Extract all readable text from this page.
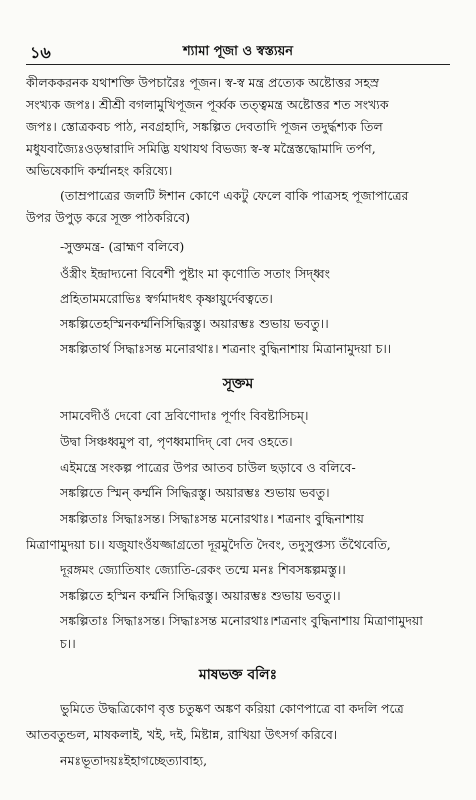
১৬	শ্যামা পূজা ও স্বস্ত্যয়ন
কীলককরনক যথাশক্তি উপচারৈঃ পূজন। স্ব-স্ব মন্ত্র প্রত্যেক অষ্টোত্তর সহস্র
সংখ্যক জপঃ। শ্রীশ্রী বগলামুখিপূজন পূর্ব্বক তত্ত্বমন্ত্র অষ্টোত্তর শত সংখ্যক
জপঃ। স্তোত্রকবচ পাঠ, নবগ্রহাদি, সঙ্কল্পিত দেবতাদি পূজন তদুর্দ্ধশ্যক তিল
মধুযবাজ্যৈঃওড়ম্বারাদি সমিদ্ভি যথাযথ বিভজ্য স্ব-স্ব মন্ত্রৈস্তদ্ধোমাদি তর্পণ,
অভিষেকাদি কর্ম্মানহং করিষ্যে।
(তাম্রপাত্রের জলটি ঈশান কোণে একটু ফেলে বাকি পাত্রসহ পূজাপাত্রের
উপর উপুড় করে সূক্ত পাঠকরিবে)
-সুক্তমন্ত্র- (ব্রাহ্মণ বলিবে)
ওঁস্ত্রীং ইন্দ্রাদ্যনো বিবেশী পুষ্টাং মা কৃণোতি সতাং সিদ্ধ্বং
প্রহিতামমরোভিঃ স্বর্গমাদধৎ কৃষ্ণায়ুর্দেবত্বতে।
সঙ্কল্পিতেহস্মিনকর্ম্মনিসিদ্ধিরস্তু। অয়ারম্ভঃ শুভায় ভবতু।।
সঙ্কল্পিতার্থ সিদ্ধাঃসন্ত মনোরথাঃ। শত্রনাং বুদ্ধিনাশায় মিত্রানামুদয়া চ।।
সূক্তম
সামবেদীওঁ দেবো বো দ্রবিণোদাঃ পূর্ণাং বিবষ্টাসিচম্।
উদ্বা সিঞ্চধ্বমুপ বা, পৃণধ্বমাদিদ্ বো দেব ওহতে।
এইমন্ত্রে সংকল্প পাত্রের উপর আতব চাউল ছড়াবে ও বলিবে-
সঙ্কল্পিতে স্মিন্ কর্ম্মনি সিদ্ধিরস্তু। অয়ারম্ভঃ শুভায় ভবতু।
সঙ্কল্পিতাঃ সিদ্ধাঃসন্ত। সিদ্ধাঃসন্ত মনোরথাঃ। শত্রনাং বুদ্ধিনাশায়
মিত্রাণামুদয়া চ।। যজুযাংওঁযজ্জাগ্রতো দূরমুদৈতি দৈবং, তদুসুপ্তস্য তঁথৈবেতি,
দূরঙ্গমং জ্যোতিষাং জ্যোতি-রেকং তন্মে মনঃ শিবসঙ্কল্পমস্তু।।
সঙ্কল্পিতে হস্মিন কর্ম্মনি সিদ্ধিরস্তু। অয়ারম্ভঃ শুভায় ভবতু।।
সঙ্কল্পিতাঃ সিদ্ধাঃসন্ত। সিদ্ধাঃসন্ত মনোরথাঃ।শত্রনাং বুদ্ধিনাশায় মিত্রাণামুদয়া
চ।।
মাষভক্ত বলিঃ
ভুমিতে উদ্ধত্রিকোণ বৃত্ত চতুষ্কণ অঙ্কণ করিয়া কোণপাত্রে বা কদলি পত্রে
আতবতুন্ডল, মাষকলাই, খই, দই, মিষ্টান্ন, রাখিয়া উৎসর্গ করিবে।
নমঃভূতাদয়ঃইহাগচ্ছেত্যাবাহ্য,
